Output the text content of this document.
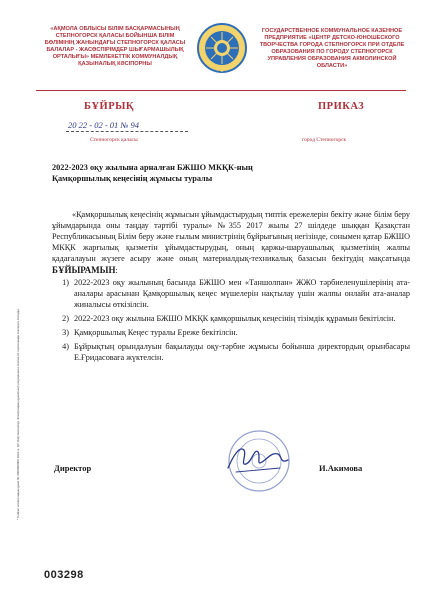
«АҚМОЛА ОБЛЫСЫ БІЛІМ БАСҚАРМАСЫНЫҢ СТЕПНОГОРСК ҚАЛАСЫ БОЙЫНША БІЛІМ БӨЛІМІНІҢ ЖАНЫНДАҒЫ СТЕПНОГОРСК ҚАЛАСЫ БАЛАЛАР - ЖАСӨСПІРІМДЕР ШЫҒАРМАШЫЛЫҚ ОРТАЛЫҒЫ» МЕМЛЕКЕТТІК КОММУНАЛДЫҚ ҚАЗЫНАЛЫҚ КӘСІПОРНЫ
ГОСУДАРСТВЕННОЕ КОММУНАЛЬНОЕ КАЗЕННОЕ ПРЕДПРИЯТИЕ «ЦЕНТР ДЕТСКО-ЮНОШЕСКОГО ТВОРЧЕСТВА ГОРОДА СТЕПНОГОРСК ПРИ ОТДЕЛЕ ОБРАЗОВАНИЯ ПО ГОРОДУ СТЕПНОГОРСК УПРАВЛЕНИЯ ОБРАЗОВАНИЯ АКМОЛИНСКОЙ ОБЛАСТИ»
БҰЙРЫҚ	ПРИКАЗ
20 22 - 02 - 01 № 94
Степногорск қаласы	город Степногорск
2022-2023 оқу жылына арналған БЖШО МКҚК-ның
Қамқоршылық кеңесінің жұмысы туралы

«Қамқоршылық кеңесінің жұмысын ұйымдастырудың типтік ережелерін бекіту және білім беру ұйымдарында оны таңдау тәртібі туралы» №355 2017 жылы 27 шілдеде шыққан Қазақстан Республикасының Білім беру және ғылым министрінің бұйрығының негізінде, сонымен қатар БЖШО МКҚК жарғылық қызметін ұйымдастырудың, оның қаржы-шаруашылық қызметінің жалпы қадағалауын жүзеге асыру және оның материалдық-техникалық базасын бекітудің мақсатында БҰЙЫРАМЫН:

1) 2022-2023 оқу жылының басында БЖШО мен «Таншолпан» ЖЖО тәрбиеленушілерінің ата-аналары арасынан Қамқоршылық кеңес мүшелерін нақтылау үшін жалпы онлайн ата-аналар жиналысы өткізілсін.
2) 2022-2023 оқу жылына БЖШО МКҚК қамқоршылық кеңесінің тізімдік құрамын бекітілсін.
3) Қамқоршылық Кеңес туралы Ереже бекітілсін.
4) Бұйрықтың орындалуын бақылауды оқу-тәрбие жұмысы бойынша директордың орынбасары Е.Ғридасоваға жүктелсін.
Директор	И.Акимова
* Сәйкес электрондық құжат № 0000000000 2022 ж. ҚР ЭЦҚ тексерілді; Электрондық құжаттың түпнұсқасын e-license.kz порталында тексеруге болады.
003298
